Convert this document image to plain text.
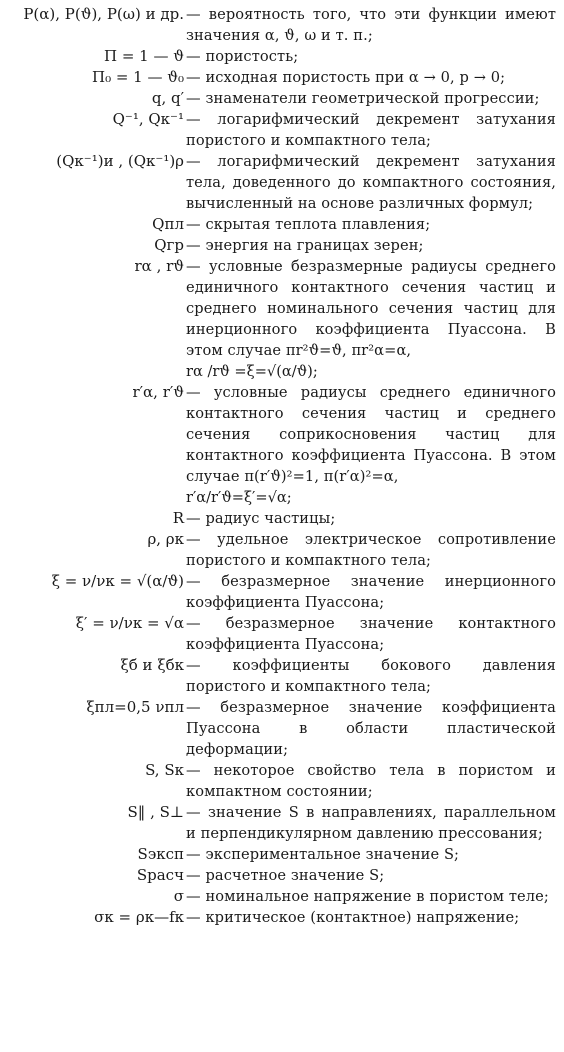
P(α), P(ϑ), P(ω) и др. — вероятность того, что эти функции имеют значения α, ϑ, ω и т. п.;
Π = 1 — ϑ — пористость;
Π₀ = 1 — ϑ₀ — исходная пористость при α → 0, p → 0;
q, q′ — знаменатели геометрической прогрессии;
Q⁻¹, Qк⁻¹ — логарифмический декремент затухания пористого и компактного тела;
(Qк⁻¹)и , (Qк⁻¹)ρ — логарифмический декремент затухания тела, доведенного до компактного состояния, вычисленный на основе различных формул;
Qпл — скрытая теплота плавления;
Qгр — энергия на границах зерен;
rα , rϑ — условные безразмерные радиусы среднего единичного контактного сечения частиц и среднего номинального сечения частиц для инерционного коэффициента Пуассона. В этом случае πr²ϑ=ϑ, πr²α=α,
rα /rϑ =ξ=√(α/ϑ);
r′α, r′ϑ — условные радиусы среднего единичного контактного сечения частиц и среднего сечения соприкосновения частиц для контактного коэффициента Пуассона. В этом случае π(r′ϑ)²=1, π(r′α)²=α,
r′α/r′ϑ=ξ′=√α;
R — радиус частицы;
ρ, ρк — удельное электрическое сопротивление пористого и компактного тела;
ξ = ν/νк = √(α/ϑ) — безразмерное значение инерционного коэффициента Пуассона;
ξ′ = ν/νк = √α — безразмерное значение контактного коэффициента Пуассона;
ξб и ξбк — коэффициенты бокового давления пористого и компактного тела;
ξпл=0,5 νпл — безразмерное значение коэффициента Пуассона в области пластической деформации;
S, Sк — некоторое свойство тела в пористом и компактном состоянии;
S‖ , S⊥ — значение S в направлениях, параллельном и перпендикулярном давлению прессования;
Sэксп — экспериментальное значение S;
Sрасч — расчетное значение S;
σ — номинальное напряжение в пористом теле;
σк = ρк—fк — критическое (контактное) напряжение;
